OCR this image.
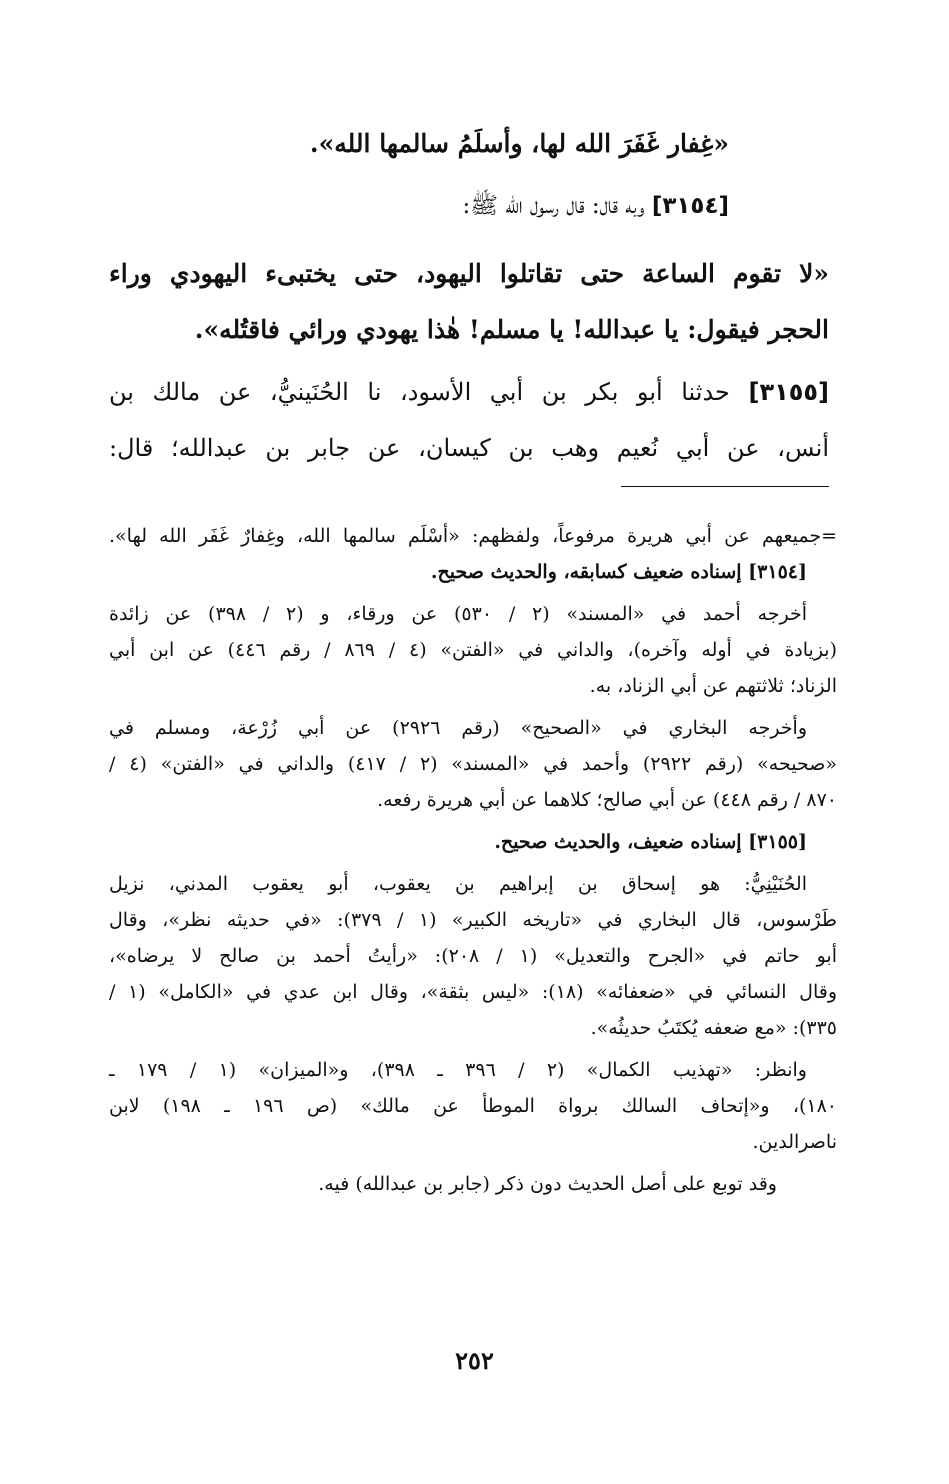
«غِفار غَفَرَ الله لها، وأسلَمُ سالمها الله».
[٣١٥٤] وبه قال: قال رسول الله ﷺ:
«لا تقوم الساعة حتى تقاتلوا اليهود، حتى يختبىء اليهودي وراء
الحجر فيقول: يا عبدالله! يا مسلم! هٰذا يهودي ورائي فاقتُله».
[٣١٥٥] حدثنا أبو بكر بن أبي الأسود، نا الحُنَينيُّ، عن مالك بن
أنس، عن أبي نُعيم وهب بن كيسان، عن جابر بن عبدالله؛ قال:
=جميعهم عن أبي هريرة مرفوعاً، ولفظهم: «أسْلَم سالمها الله، وغِفارٌ غَفَر الله لها».
[٣١٥٤] إسناده ضعيف كسابقه، والحديث صحيح.
أخرجه أحمد في «المسند» (٢ / ٥٣٠) عن ورقاء، و (٢ / ٣٩٨) عن زائدة
(بزيادة في أوله وآخره)، والداني في «الفتن» (٤ / ٨٦٩ / رقم ٤٤٦) عن ابن أبي
الزناد؛ ثلاثتهم عن أبي الزناد، به.
وأخرجه البخاري في «الصحيح» (رقم ٢٩٢٦) عن أبي زُرْعة، ومسلم في
«صحيحه» (رقم ٢٩٢٢) وأحمد في «المسند» (٢ / ٤١٧) والداني في «الفتن» (٤ /
٨٧٠ / رقم ٤٤٨) عن أبي صالح؛ كلاهما عن أبي هريرة رفعه.
[٣١٥٥] إسناده ضعيف، والحديث صحيح.
الحُنَيْنِيُّ: هو إسحاق بن إبراهيم بن يعقوب، أبو يعقوب المدني، نزيل
طَرْسوس، قال البخاري في «تاريخه الكبير» (١ / ٣٧٩): «في حديثه نظر»، وقال
أبو حاتم في «الجرح والتعديل» (١ / ٢٠٨): «رأيتُ أحمد بن صالح لا يرضاه»،
وقال النسائي في «ضعفائه» (١٨): «ليس بثقة»، وقال ابن عدي في «الكامل» (١ /
٣٣٥): «مع ضعفه يُكتَبُ حديثُه».
وانظر: «تهذيب الكمال» (٢ / ٣٩٦ ـ ٣٩٨)، و«الميزان» (١ / ١٧٩ ـ
١٨٠)، و«إتحاف السالك برواة الموطأ عن مالك» (ص ١٩٦ ـ ١٩٨) لابن
ناصرالدين.
وقد توبع على أصل الحديث دون ذكر (جابر بن عبدالله) فيه.
٢٥٢
